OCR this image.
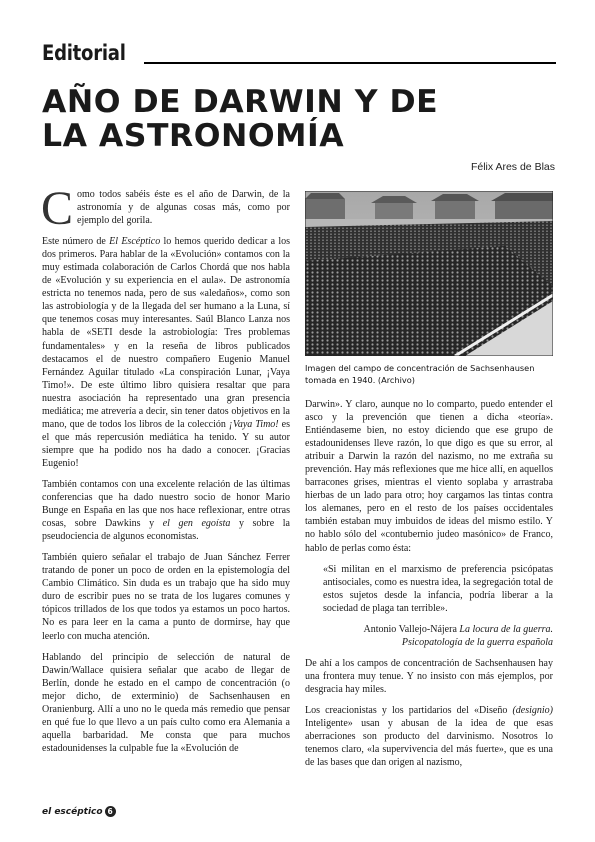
Editorial
AÑO DE DARWIN Y DE
LA ASTRONOMÍA
Félix Ares de Blas

Como todos sabéis éste es el año de Darwin, de la astronomía y de algunas cosas más, como por ejemplo del gorila.

Este número de El Escéptico lo hemos querido dedicar a los dos primeros. Para hablar de la «Evolución» contamos con la muy estimada colaboración de Carlos Chordá que nos habla de «Evolución y su experiencia en el aula». De astronomía estricta no tenemos nada, pero de sus «aledaños», como son las astrobiología y de la llegada del ser humano a la Luna, sí que tenemos cosas muy interesantes. Saúl Blanco Lanza nos habla de «SETI desde la astrobiología: Tres problemas fundamentales» y en la reseña de libros publicados destacamos el de nuestro compañero Eugenio Manuel Fernández Aguilar titulado «La conspiración Lunar, ¡Vaya Timo!». De este último libro quisiera resaltar que para nuestra asociación ha representado una gran presencia mediática; me atrevería a decir, sin tener datos objetivos en la mano, que de todos los libros de la colección ¡Vaya Timo! es el que más repercusión mediática ha tenido. Y su autor siempre que ha podido nos ha dado a conocer. ¡Gracias Eugenio!

También contamos con una excelente relación de las últimas conferencias que ha dado nuestro socio de honor Mario Bunge en España en las que nos hace reflexionar, entre otras cosas, sobre Dawkins y el gen egoísta y sobre la pseudociencia de algunos economistas.

También quiero señalar el trabajo de Juan Sánchez Ferrer tratando de poner un poco de orden en la epistemología del Cambio Climático. Sin duda es un trabajo que ha sido muy duro de escribir pues no se trata de los lugares comunes y tópicos trillados de los que todos ya estamos un poco hartos. No es para leer en la cama a punto de dormirse, hay que leerlo con mucha atención.

Hablando del principio de selección de natural de Dawin/Wallace quisiera señalar que acabo de llegar de Berlín, donde he estado en el campo de concentración (o mejor dicho, de exterminio) de Sachsenhausen en Oranienburg. Allí a uno no le queda más remedio que pensar en qué fue lo que llevo a un país culto como era Alemania a aquella barbaridad. Me consta que para muchos estadounidenses la culpable fue la «Evolución de

Imagen del campo de concentración de Sachsenhausen tomada en 1940. (Archivo)

Darwin». Y claro, aunque no lo comparto, puedo entender el asco y la prevención que tienen a dicha «teoría». Entiéndaseme bien, no estoy diciendo que ese grupo de estadounidenses lleve razón, lo que digo es que su error, al atribuir a Darwin la razón del nazismo, no me extraña su prevención. Hay más reflexiones que me hice allí, en aquellos barracones grises, mientras el viento soplaba y arrastraba hierbas de un lado para otro; hoy cargamos las tintas contra los alemanes, pero en el resto de los países occidentales también estaban muy imbuidos de ideas del mismo estilo. Y no hablo sólo del «contubernio judeo masónico» de Franco, hablo de perlas como ésta:

«Si militan en el marxismo de preferencia psicópatas antisociales, como es nuestra idea, la segregación total de estos sujetos desde la infancia, podría liberar a la sociedad de plaga tan terrible».

Antonio Vallejo-Nájera La locura de la guerra.
Psicopatología de la guerra española

De ahí a los campos de concentración de Sachsenhausen hay una frontera muy tenue. Y no insisto con más ejemplos, por desgracia hay miles.

Los creacionistas y los partidarios del «Diseño (designio) Inteligente» usan y abusan de la idea de que esas aberraciones son producto del darvinismo. Nosotros lo tenemos claro, «la supervivencia del más fuerte», que es una de las bases que dan origen al nazismo,

el escéptico 6
